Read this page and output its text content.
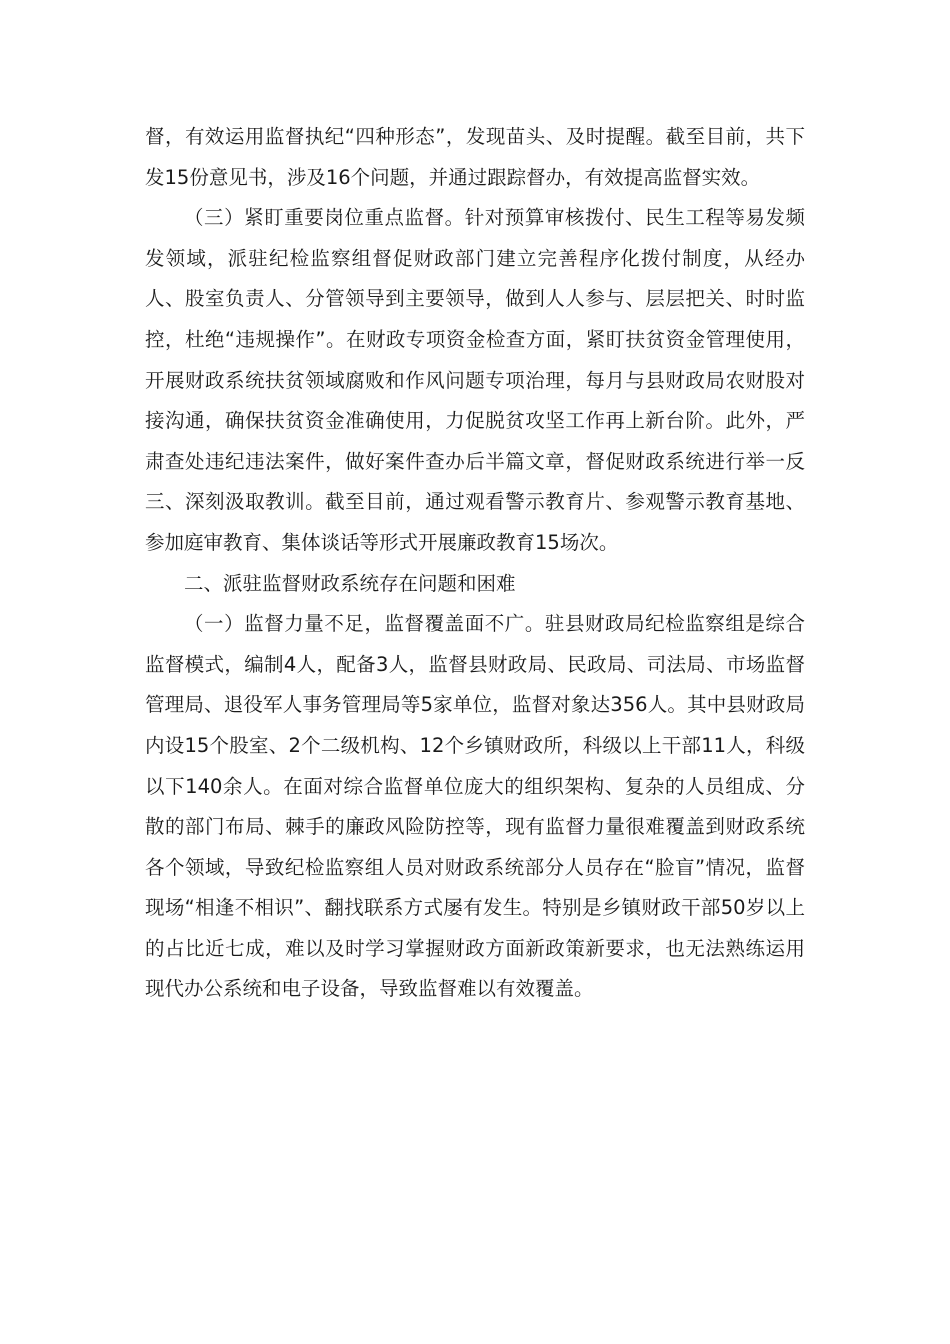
督，有效运用监督执纪“四种形态”，发现苗头、及时提醒。截至目前，共下发15份意见书，涉及16个问题，并通过跟踪督办，有效提高监督实效。

（三）紧盯重要岗位重点监督。针对预算审核拨付、民生工程等易发频发领域，派驻纪检监察组督促财政部门建立完善程序化拨付制度，从经办人、股室负责人、分管领导到主要领导，做到人人参与、层层把关、时时监控，杜绝“违规操作”。在财政专项资金检查方面，紧盯扶贫资金管理使用，开展财政系统扶贫领域腐败和作风问题专项治理，每月与县财政局农财股对接沟通，确保扶贫资金准确使用，力促脱贫攻坚工作再上新台阶。此外，严肃查处违纪违法案件，做好案件查办后半篇文章，督促财政系统进行举一反三、深刻汲取教训。截至目前，通过观看警示教育片、参观警示教育基地、参加庭审教育、集体谈话等形式开展廉政教育15场次。

二、派驻监督财政系统存在问题和困难

（一）监督力量不足，监督覆盖面不广。驻县财政局纪检监察组是综合监督模式，编制4人，配备3人，监督县财政局、民政局、司法局、市场监督管理局、退役军人事务管理局等5家单位，监督对象达356人。其中县财政局内设15个股室、2个二级机构、12个乡镇财政所，科级以上干部11人，科级以下140余人。在面对综合监督单位庞大的组织架构、复杂的人员组成、分散的部门布局、棘手的廉政风险防控等，现有监督力量很难覆盖到财政系统各个领域，导致纪检监察组人员对财政系统部分人员存在“脸盲”情况，监督现场“相逢不相识”、翻找联系方式屡有发生。特别是乡镇财政干部50岁以上的占比近七成，难以及时学习掌握财政方面新政策新要求，也无法熟练运用现代办公系统和电子设备，导致监督难以有效覆盖。
